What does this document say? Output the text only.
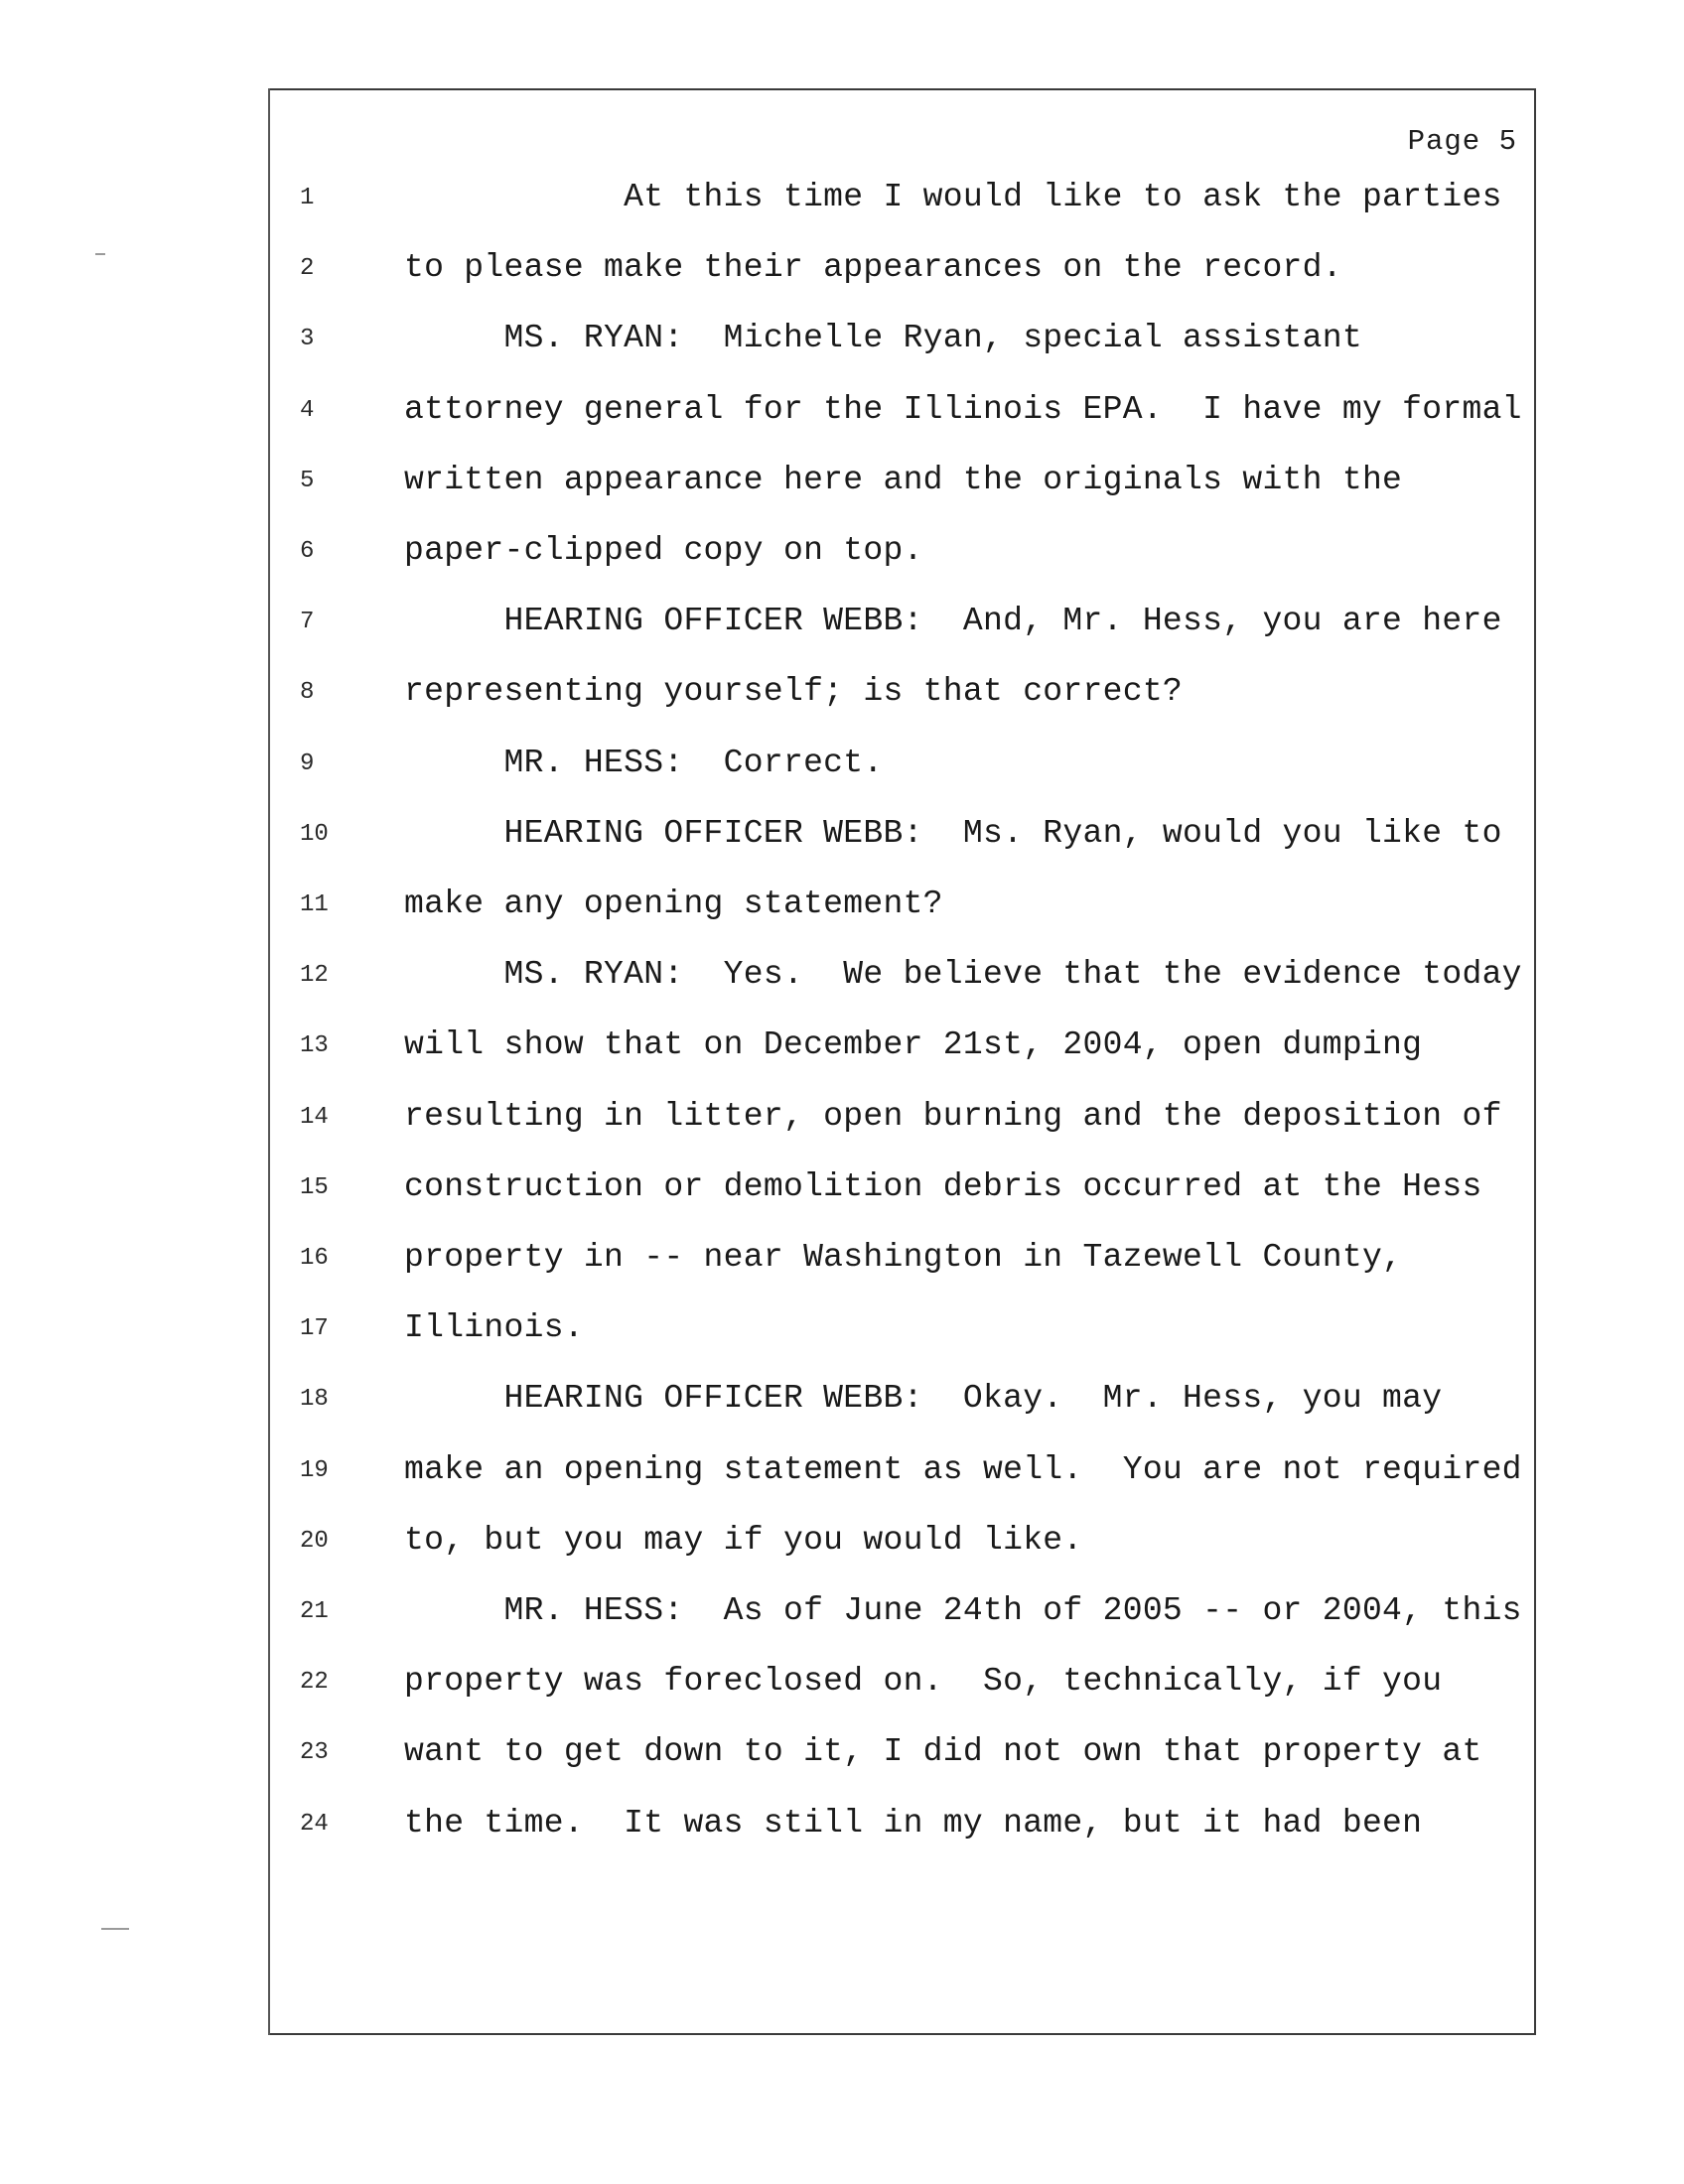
Page 5
1	At this time I would like to ask the parties
2	to please make their appearances on the record.
3	MS. RYAN:  Michelle Ryan, special assistant
4	attorney general for the Illinois EPA.  I have my formal
5	written appearance here and the originals with the
6	paper-clipped copy on top.
7	HEARING OFFICER WEBB:  And, Mr. Hess, you are here
8	representing yourself; is that correct?
9	MR. HESS:  Correct.
10	HEARING OFFICER WEBB:  Ms. Ryan, would you like to
11	make any opening statement?
12	MS. RYAN:  Yes.  We believe that the evidence today
13	will show that on December 21st, 2004, open dumping
14	resulting in litter, open burning and the deposition of
15	construction or demolition debris occurred at the Hess
16	property in -- near Washington in Tazewell County,
17	Illinois.
18	HEARING OFFICER WEBB:  Okay.  Mr. Hess, you may
19	make an opening statement as well.  You are not required
20	to, but you may if you would like.
21	MR. HESS:  As of June 24th of 2005 -- or 2004, this
22	property was foreclosed on.  So, technically, if you
23	want to get down to it, I did not own that property at
24	the time.  It was still in my name, but it had been
